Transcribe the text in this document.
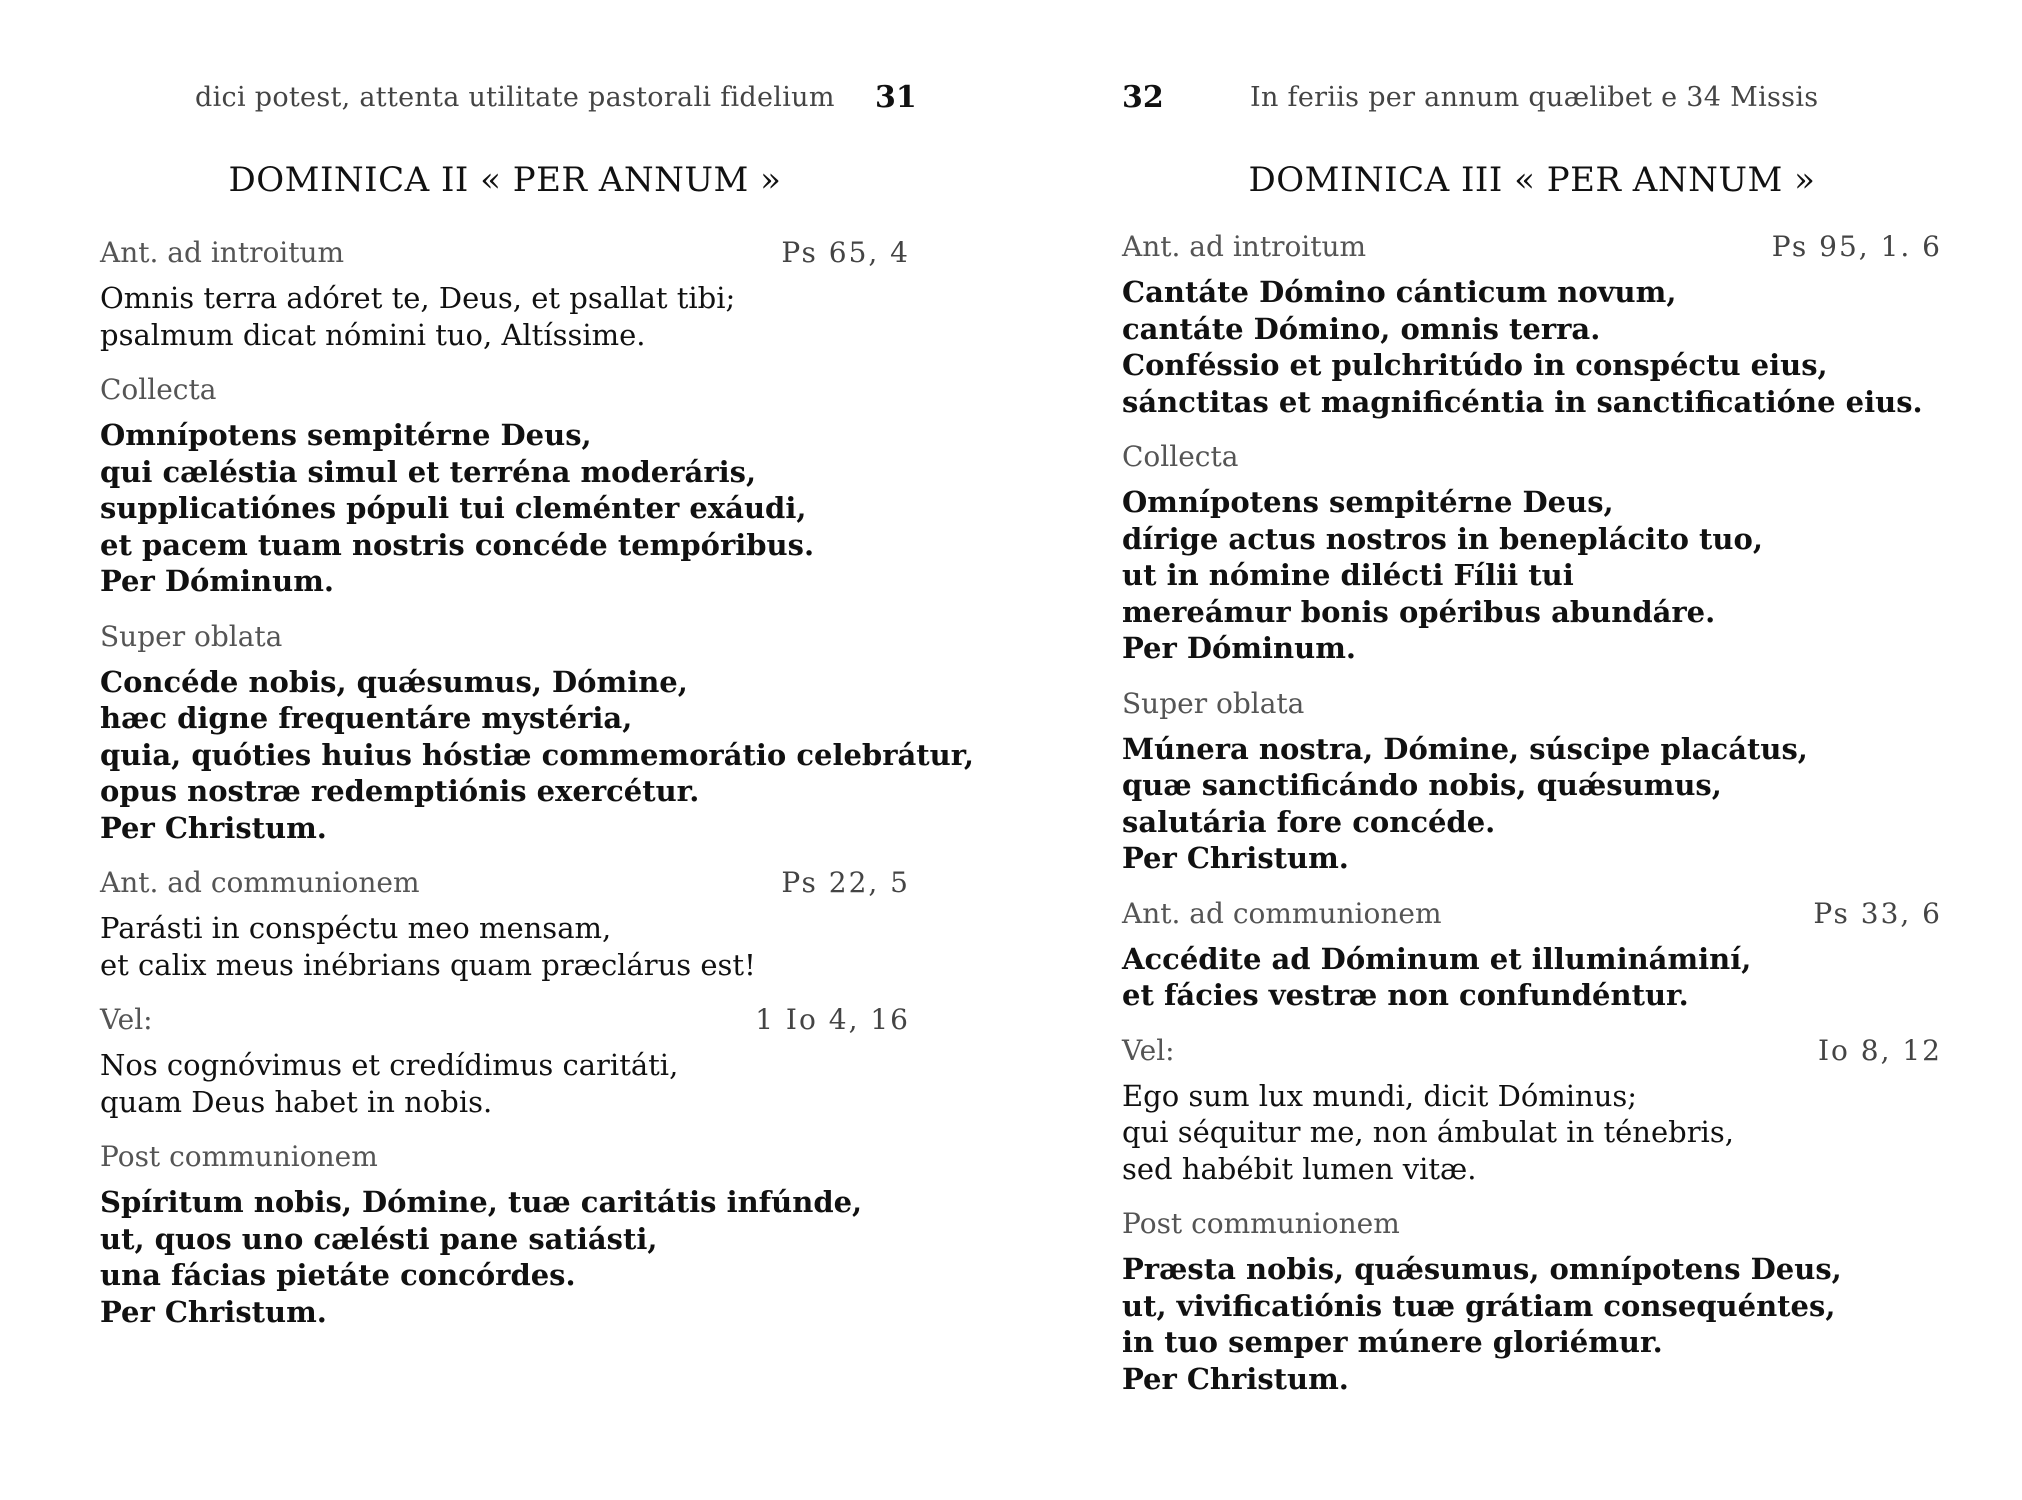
dici potest, attenta utilitate pastorali fidelium 31
DOMINICA II « PER ANNUM »
Ant. ad introitum	Ps 65, 4
Omnis terra adóret te, Deus, et psallat tibi;
psalmum dicat nómini tuo, Altíssime.
Collecta
Omnípotens sempitérne Deus,
qui cæléstia simul et terréna moderáris,
supplicatiónes pópuli tui cleménter exáudi,
et pacem tuam nostris concéde tempóribus.
Per Dóminum.
Super oblata
Concéde nobis, quǽsumus, Dómine,
hæc digne frequentáre mystéria,
quia, quóties huius hóstiæ commemorátio celebrátur,
opus nostræ redemptiónis exercétur.
Per Christum.
Ant. ad communionem	Ps 22, 5
Parásti in conspéctu meo mensam,
et calix meus inébrians quam præclárus est!
Vel:	1 Io 4, 16
Nos cognóvimus et credídimus caritáti,
quam Deus habet in nobis.
Post communionem
Spíritum nobis, Dómine, tuæ caritátis infúnde,
ut, quos uno cælésti pane satiásti,
una fácias pietáte concórdes.
Per Christum.
32	In feriis per annum quælibet e 34 Missis
DOMINICA III « PER ANNUM »
Ant. ad introitum	Ps 95, 1. 6
Cantáte Dómino cánticum novum,
cantáte Dómino, omnis terra.
Conféssio et pulchritúdo in conspéctu eius,
sánctitas et magnificéntia in sanctificatióne eius.
Collecta
Omnípotens sempitérne Deus,
dírige actus nostros in beneplácito tuo,
ut in nómine dilécti Fílii tui
mereámur bonis opéribus abundáre.
Per Dóminum.
Super oblata
Múnera nostra, Dómine, súscipe placátus,
quæ sanctificándo nobis, quǽsumus,
salutária fore concéde.
Per Christum.
Ant. ad communionem	Ps 33, 6
Accédite ad Dóminum et illumináminí,
et fácies vestræ non confundéntur.
Vel:	Io 8, 12
Ego sum lux mundi, dicit Dóminus;
qui séquitur me, non ámbulat in ténebris,
sed habébit lumen vitæ.
Post communionem
Præsta nobis, quǽsumus, omnípotens Deus,
ut, vivificatiónis tuæ grátiam consequéntes,
in tuo semper múnere gloriémur.
Per Christum.
